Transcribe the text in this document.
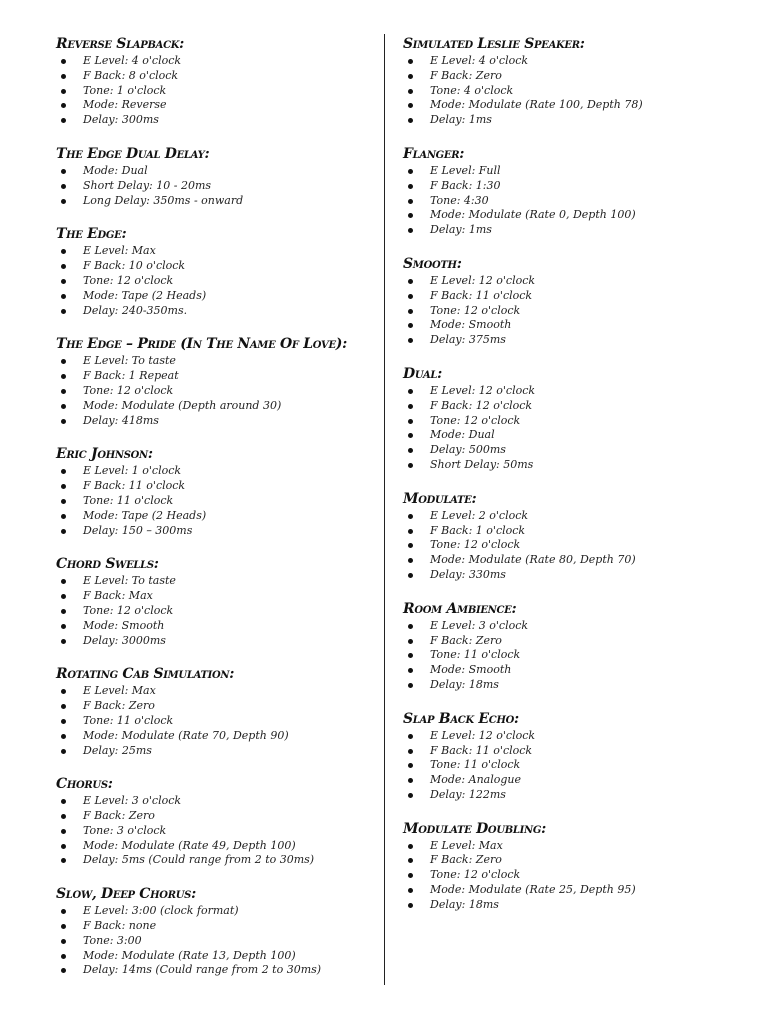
Reverse Slapback:
E Level: 4 o'clock
F Back: 8 o'clock
Tone: 1 o'clock
Mode: Reverse
Delay: 300ms
The Edge Dual Delay:
Mode: Dual
Short Delay: 10 - 20ms
Long Delay: 350ms - onward
The Edge:
E Level: Max
F Back: 10 o'clock
Tone: 12 o'clock
Mode: Tape (2 Heads)
Delay: 240-350ms.
The Edge – Pride (In The Name Of Love):
E Level: To taste
F Back: 1 Repeat
Tone: 12 o'clock
Mode: Modulate (Depth around 30)
Delay: 418ms
Eric Johnson:
E Level: 1 o'clock
F Back: 11 o'clock
Tone: 11 o'clock
Mode: Tape (2 Heads)
Delay: 150 – 300ms
Chord Swells:
E Level: To taste
F Back: Max
Tone: 12 o'clock
Mode: Smooth
Delay: 3000ms
Rotating Cab Simulation:
E Level: Max
F Back: Zero
Tone: 11 o'clock
Mode: Modulate (Rate 70, Depth 90)
Delay: 25ms
Chorus:
E Level: 3 o'clock
F Back: Zero
Tone: 3 o'clock
Mode: Modulate (Rate 49, Depth 100)
Delay: 5ms (Could range from 2 to 30ms)
Slow, Deep Chorus:
E Level: 3:00 (clock format)
F Back: none
Tone: 3:00
Mode: Modulate (Rate 13, Depth 100)
Delay: 14ms (Could range from 2 to 30ms)
Simulated Leslie Speaker:
E Level: 4 o'clock
F Back: Zero
Tone: 4 o'clock
Mode: Modulate (Rate 100, Depth 78)
Delay: 1ms
Flanger:
E Level: Full
F Back: 1:30
Tone: 4:30
Mode: Modulate (Rate 0, Depth 100)
Delay: 1ms
Smooth:
E Level: 12 o'clock
F Back: 11 o'clock
Tone: 12 o'clock
Mode: Smooth
Delay: 375ms
Dual:
E Level: 12 o'clock
F Back: 12 o'clock
Tone: 12 o'clock
Mode: Dual
Delay: 500ms
Short Delay: 50ms
Modulate:
E Level: 2 o'clock
F Back: 1 o'clock
Tone: 12 o'clock
Mode: Modulate (Rate 80, Depth 70)
Delay: 330ms
Room Ambience:
E Level: 3 o'clock
F Back: Zero
Tone: 11 o'clock
Mode: Smooth
Delay: 18ms
Slap Back Echo:
E Level: 12 o'clock
F Back: 11 o'clock
Tone: 11 o'clock
Mode: Analogue
Delay: 122ms
Modulate Doubling:
E Level: Max
F Back: Zero
Tone: 12 o'clock
Mode: Modulate (Rate 25, Depth 95)
Delay: 18ms
